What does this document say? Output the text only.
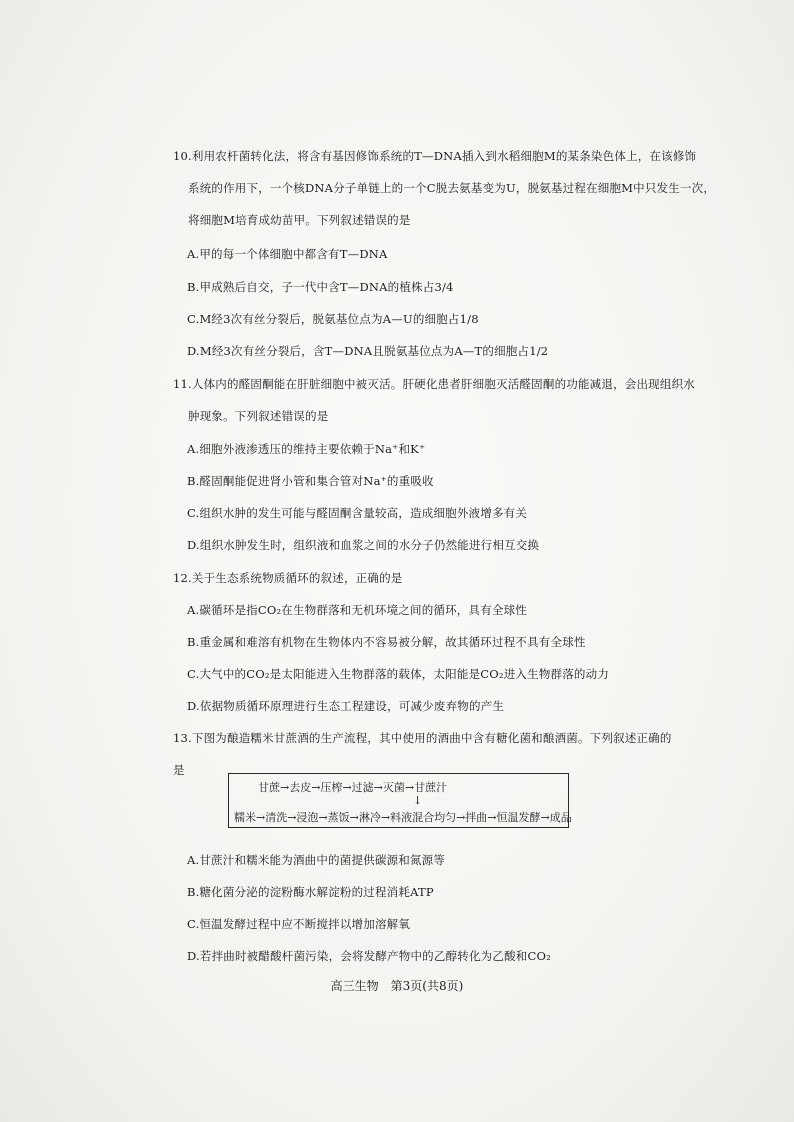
10.利用农杆菌转化法，将含有基因修饰系统的T—DNA插入到水稻细胞M的某条染色体上，在该修饰
系统的作用下，一个核DNA分子单链上的一个C脱去氨基变为U，脱氨基过程在细胞M中只发生一次，
将细胞M培育成幼苗甲。下列叙述错误的是
A.甲的每一个体细胞中都含有T—DNA
B.甲成熟后自交，子一代中含T—DNA的植株占3/4
C.M经3次有丝分裂后，脱氨基位点为A—U的细胞占1/8
D.M经3次有丝分裂后，含T—DNA且脱氨基位点为A—T的细胞占1/2
11.人体内的醛固酮能在肝脏细胞中被灭活。肝硬化患者肝细胞灭活醛固酮的功能减退，会出现组织水
肿现象。下列叙述错误的是
A.细胞外液渗透压的维持主要依赖于Na⁺和K⁺
B.醛固酮能促进肾小管和集合管对Na⁺的重吸收
C.组织水肿的发生可能与醛固酮含量较高，造成细胞外液增多有关
D.组织水肿发生时，组织液和血浆之间的水分子仍然能进行相互交换
12.关于生态系统物质循环的叙述，正确的是
A.碳循环是指CO₂在生物群落和无机环境之间的循环，具有全球性
B.重金属和难溶有机物在生物体内不容易被分解，故其循环过程不具有全球性
C.大气中的CO₂是太阳能进入生物群落的载体，太阳能是CO₂进入生物群落的动力
D.依据物质循环原理进行生态工程建设，可减少废弃物的产生
13.下图为酿造糯米甘蔗酒的生产流程，其中使用的酒曲中含有糖化菌和酿酒菌。下列叙述正确的
是
甘蔗→去皮→压榨→过滤→灭菌→甘蔗汁
↓
糯米→清洗→浸泡→蒸饭→淋冷→料液混合均匀→拌曲→恒温发酵→成品
A.甘蔗汁和糯米能为酒曲中的菌提供碳源和氮源等
B.糖化菌分泌的淀粉酶水解淀粉的过程消耗ATP
C.恒温发酵过程中应不断搅拌以增加溶解氧
D.若拌曲时被醋酸杆菌污染，会将发酵产物中的乙醇转化为乙酸和CO₂
高三生物　第3页(共8页)
